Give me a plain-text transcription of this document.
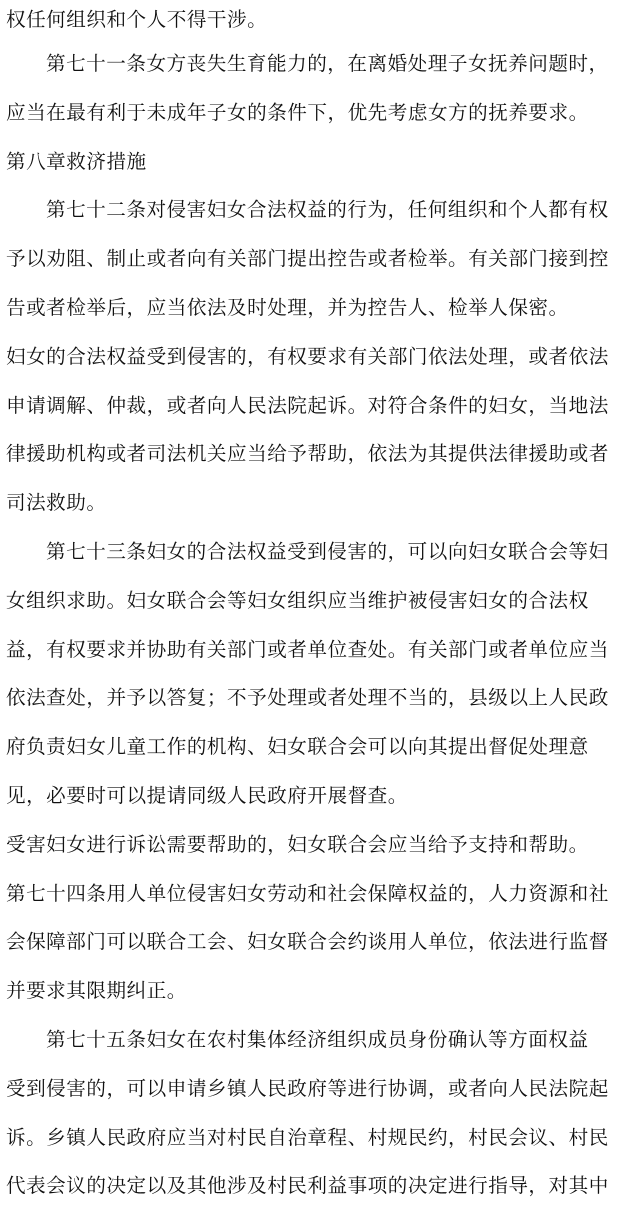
权任何组织和个人不得干涉。
第七十一条女方丧失生育能力的，在离婚处理子女抚养问题时，
应当在最有利于未成年子女的条件下，优先考虑女方的抚养要求。
第八章救济措施
第七十二条对侵害妇女合法权益的行为，任何组织和个人都有权
予以劝阻、制止或者向有关部门提出控告或者检举。有关部门接到控
告或者检举后，应当依法及时处理，并为控告人、检举人保密。
妇女的合法权益受到侵害的，有权要求有关部门依法处理，或者依法
申请调解、仲裁，或者向人民法院起诉。对符合条件的妇女，当地法
律援助机构或者司法机关应当给予帮助，依法为其提供法律援助或者
司法救助。
第七十三条妇女的合法权益受到侵害的，可以向妇女联合会等妇
女组织求助。妇女联合会等妇女组织应当维护被侵害妇女的合法权
益，有权要求并协助有关部门或者单位查处。有关部门或者单位应当
依法查处，并予以答复；不予处理或者处理不当的，县级以上人民政
府负责妇女儿童工作的机构、妇女联合会可以向其提出督促处理意
见，必要时可以提请同级人民政府开展督查。
受害妇女进行诉讼需要帮助的，妇女联合会应当给予支持和帮助。
第七十四条用人单位侵害妇女劳动和社会保障权益的，人力资源和社
会保障部门可以联合工会、妇女联合会约谈用人单位，依法进行监督
并要求其限期纠正。
第七十五条妇女在农村集体经济组织成员身份确认等方面权益
受到侵害的，可以申请乡镇人民政府等进行协调，或者向人民法院起
诉。乡镇人民政府应当对村民自治章程、村规民约，村民会议、村民
代表会议的决定以及其他涉及村民利益事项的决定进行指导，对其中
